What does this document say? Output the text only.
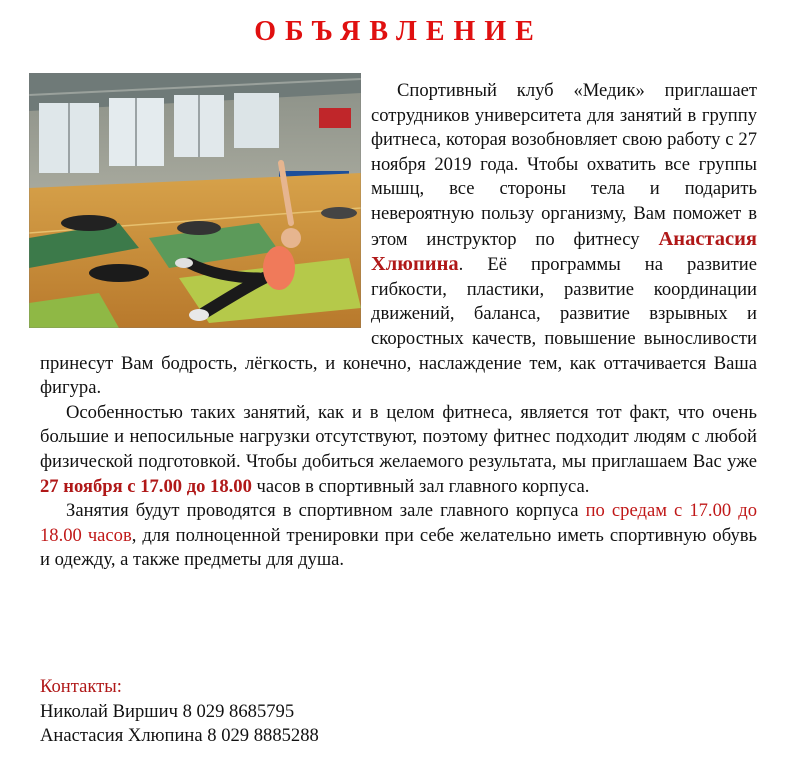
ОБЪЯВЛЕНИЕ

Спортивный клуб «Медик» приглашает сотрудников университета для занятий в группу фитнеса, которая возобновляет свою работу с 27 ноября 2019 года. Чтобы охватить все группы мышц, все стороны тела и подарить невероятную пользу организму, Вам поможет в этом инструктор по фитнесу Анастасия Хлюпина. Её программы на развитие гибкости, пластики, развитие координации движений, баланса, развитие взрывных и скоростных качеств, повышение выносливости принесут Вам бодрость, лёгкость, и конечно, наслаждение тем, как оттачивается Ваша фигура.

Особенностью таких занятий, как и в целом фитнеса, является тот факт, что очень большие и непосильные нагрузки отсутствуют, поэтому фитнес подходит людям с любой физической подготовкой. Чтобы добиться желаемого результата, мы приглашаем Вас уже 27 ноября с 17.00 до 18.00 часов в спортивный зал главного корпуса.

Занятия будут проводятся в спортивном зале главного корпуса по средам с 17.00 до 18.00 часов, для полноценной тренировки при себе желательно иметь спортивную обувь и одежду, а также предметы для душа.

Контакты:
Николай Виршич 8 029 8685795
Анастасия Хлюпина 8 029 8885288
